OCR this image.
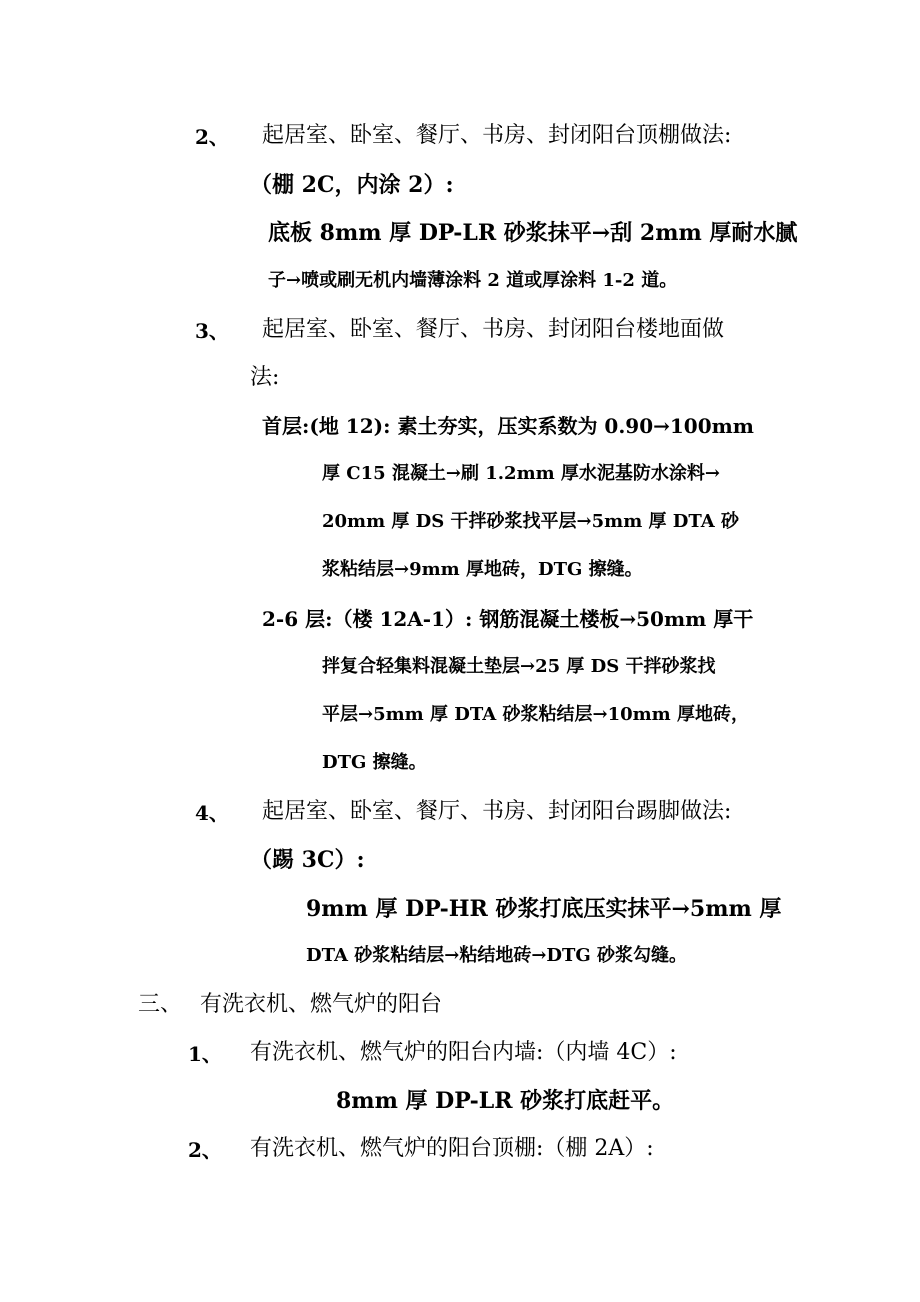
2、 起居室、卧室、餐厅、书房、封闭阳台顶棚做法:
（棚 2C，内涂 2）:
底板 8mm 厚 DP-LR 砂浆抹平→刮 2mm 厚耐水腻
子→喷或刷无机内墙薄涂料 2 道或厚涂料 1-2 道。
3、 起居室、卧室、餐厅、书房、封闭阳台楼地面做
法:
首层:(地 12): 素土夯实，压实系数为 0.90→100mm
厚 C15 混凝土→刷 1.2mm 厚水泥基防水涂料→
20mm 厚 DS 干拌砂浆找平层→5mm 厚 DTA 砂
浆粘结层→9mm 厚地砖，DTG 擦缝。
2-6 层:（楼 12A-1）: 钢筋混凝土楼板→50mm 厚干
拌复合轻集料混凝土垫层→25 厚 DS 干拌砂浆找
平层→5mm 厚 DTA 砂浆粘结层→10mm 厚地砖，
DTG 擦缝。
4、 起居室、卧室、餐厅、书房、封闭阳台踢脚做法:
（踢 3C）:
9mm 厚 DP-HR 砂浆打底压实抹平→5mm 厚
DTA 砂浆粘结层→粘结地砖→DTG 砂浆勾缝。
三、 有洗衣机、燃气炉的阳台
1、 有洗衣机、燃气炉的阳台内墙:（内墙 4C）:
8mm 厚 DP-LR 砂浆打底赶平。
2、 有洗衣机、燃气炉的阳台顶棚:（棚 2A）:
